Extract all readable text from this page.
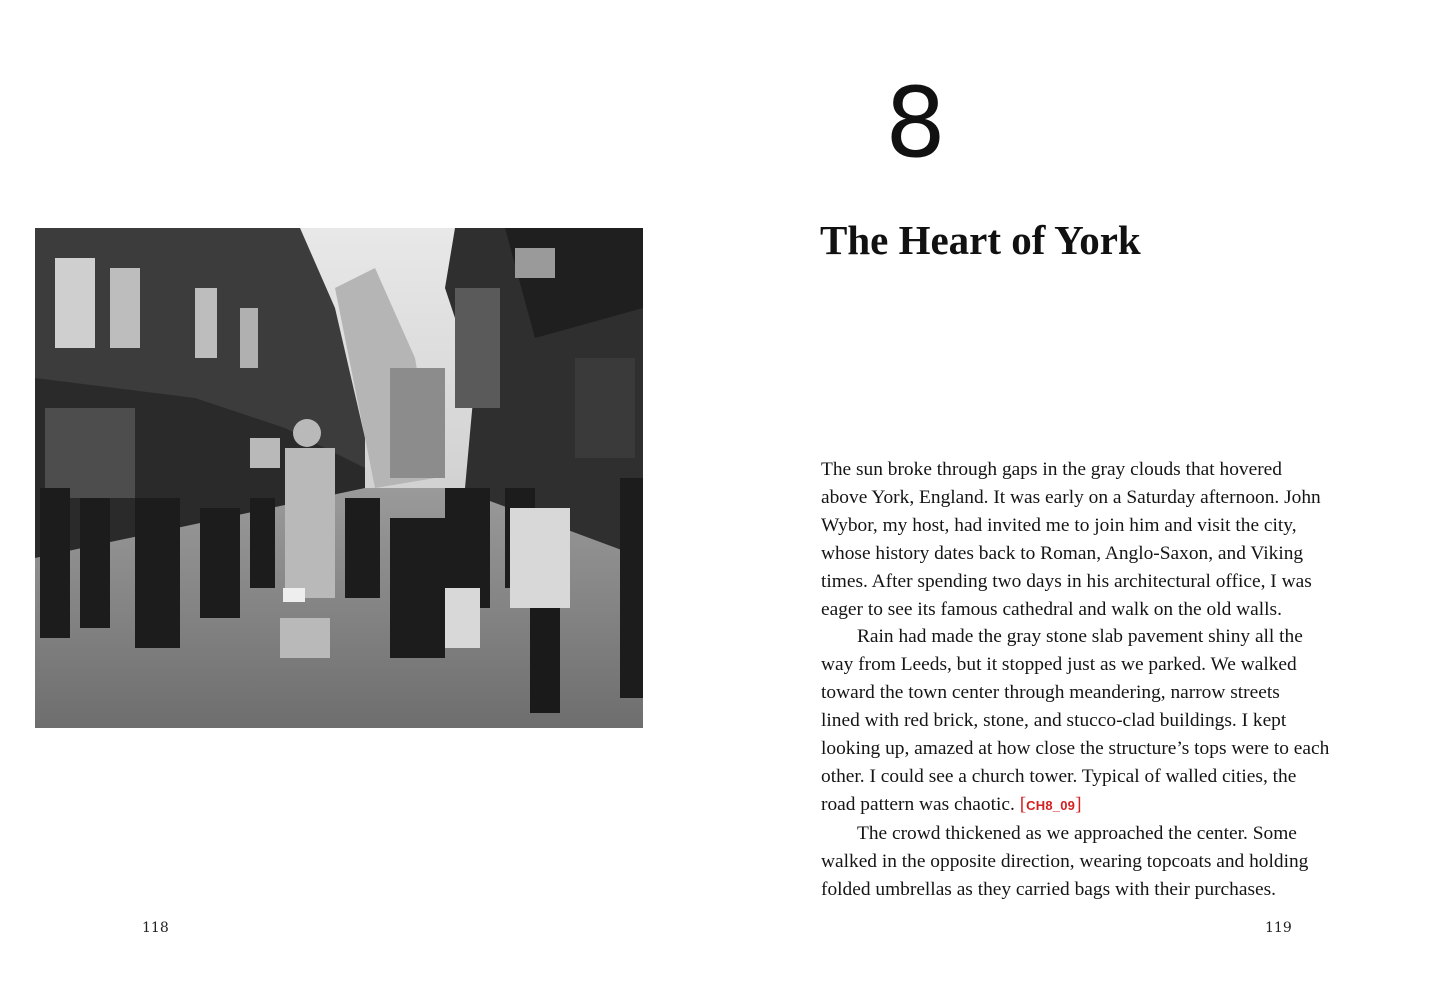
118
8
The Heart of York

The sun broke through gaps in the gray clouds that hovered
above York, England. It was early on a Saturday afternoon. John
Wybor, my host, had invited me to join him and visit the city,
whose history dates back to Roman, Anglo-Saxon, and Viking
times. After spending two days in his architectural office, I was
eager to see its famous cathedral and walk on the old walls.

Rain had made the gray stone slab pavement shiny all the
way from Leeds, but it stopped just as we parked. We walked
toward the town center through meandering, narrow streets
lined with red brick, stone, and stucco-clad buildings. I kept
looking up, amazed at how close the structure’s tops were to each
other. I could see a church tower. Typical of walled cities, the
road pattern was chaotic. [CH8_09]

The crowd thickened as we approached the center. Some
walked in the opposite direction, wearing topcoats and holding
folded umbrellas as they carried bags with their purchases.

119
